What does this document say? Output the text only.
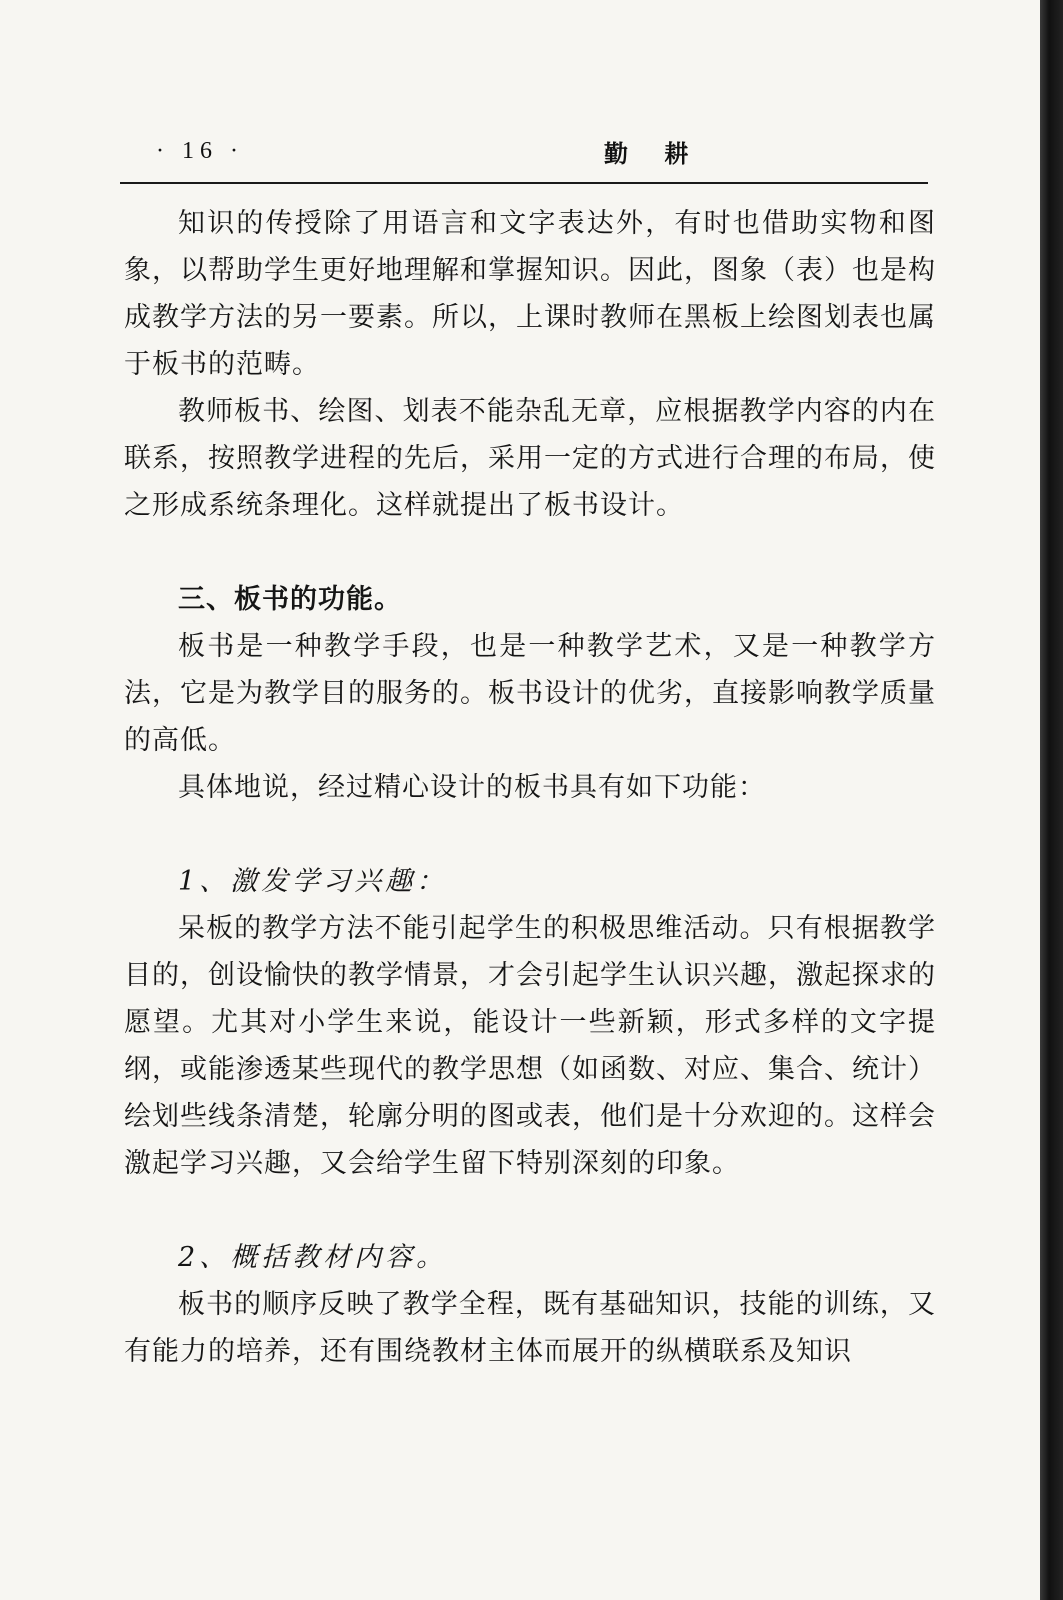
· 16 ·	勤 耕

知识的传授除了用语言和文字表达外，有时也借助实物和图象，以帮助学生更好地理解和掌握知识。因此，图象（表）也是构成教学方法的另一要素。所以，上课时教师在黑板上绘图划表也属于板书的范畴。

教师板书、绘图、划表不能杂乱无章，应根据教学内容的内在联系，按照教学进程的先后，采用一定的方式进行合理的布局，使之形成系统条理化。这样就提出了板书设计。

三、板书的功能。

板书是一种教学手段，也是一种教学艺术，又是一种教学方法，它是为教学目的服务的。板书设计的优劣，直接影响教学质量的高低。

具体地说，经过精心设计的板书具有如下功能：

1、激发学习兴趣：

呆板的教学方法不能引起学生的积极思维活动。只有根据教学目的，创设愉快的教学情景，才会引起学生认识兴趣，激起探求的愿望。尤其对小学生来说，能设计一些新颖，形式多样的文字提纲，或能渗透某些现代的教学思想（如函数、对应、集合、统计）绘划些线条清楚，轮廓分明的图或表，他们是十分欢迎的。这样会激起学习兴趣，又会给学生留下特别深刻的印象。

2、概括教材内容。

板书的顺序反映了教学全程，既有基础知识，技能的训练，又有能力的培养，还有围绕教材主体而展开的纵横联系及知识
